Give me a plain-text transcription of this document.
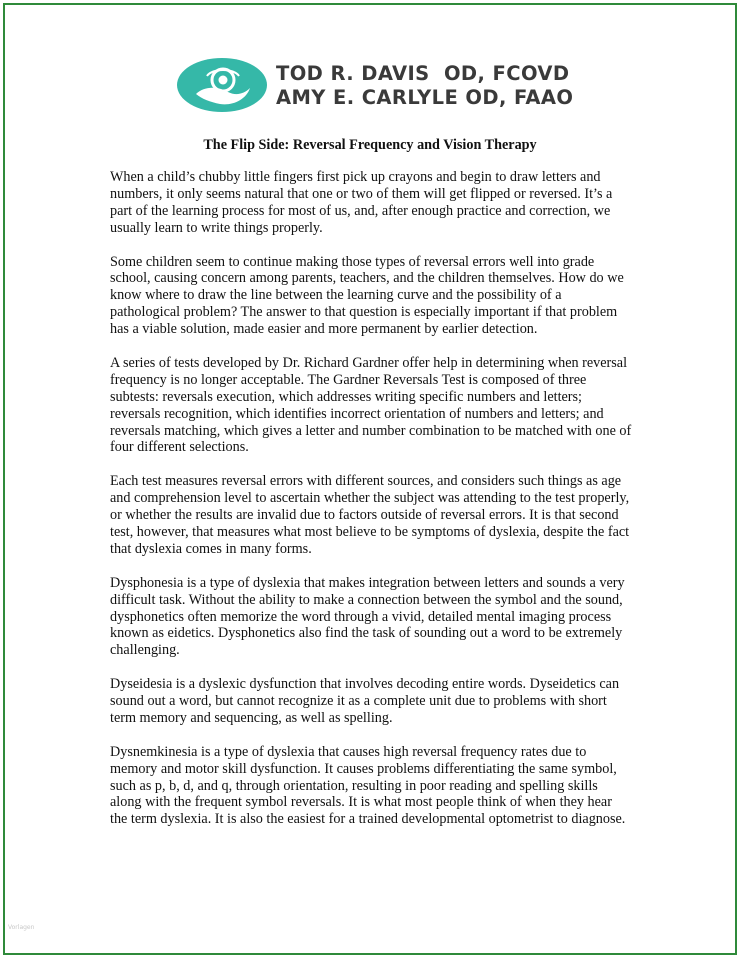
TOD R. DAVIS  OD, FCOVD
AMY E. CARLYLE OD, FAAO
The Flip Side: Reversal Frequency and Vision Therapy

When a child’s chubby little fingers first pick up crayons and begin to draw letters and numbers, it only seems natural that one or two of them will get flipped or reversed. It’s a part of the learning process for most of us, and, after enough practice and correction, we usually learn to write things properly.

Some children seem to continue making those types of reversal errors well into grade school, causing concern among parents, teachers, and the children themselves. How do we know where to draw the line between the learning curve and the possibility of a pathological problem? The answer to that question is especially important if that problem has a viable solution, made easier and more permanent by earlier detection.

A series of tests developed by Dr. Richard Gardner offer help in determining when reversal frequency is no longer acceptable. The Gardner Reversals Test is composed of three subtests: reversals execution, which addresses writing specific numbers and letters; reversals recognition, which identifies incorrect orientation of numbers and letters; and reversals matching, which gives a letter and number combination to be matched with one of four different selections.

Each test measures reversal errors with different sources, and considers such things as age and comprehension level to ascertain whether the subject was attending to the test properly, or whether the results are invalid due to factors outside of reversal errors. It is that second test, however, that measures what most believe to be symptoms of dyslexia, despite the fact that dyslexia comes in many forms.

Dysphonesia is a type of dyslexia that makes integration between letters and sounds a very difficult task. Without the ability to make a connection between the symbol and the sound, dysphonetics often memorize the word through a vivid, detailed mental imaging process known as eidetics. Dysphonetics also find the task of sounding out a word to be extremely challenging.

Dyseidesia is a dyslexic dysfunction that involves decoding entire words. Dyseidetics can sound out a word, but cannot recognize it as a complete unit due to problems with short term memory and sequencing, as well as spelling.

Dysnemkinesia is a type of dyslexia that causes high reversal frequency rates due to memory and motor skill dysfunction. It causes problems differentiating the same symbol, such as p, b, d, and q, through orientation, resulting in poor reading and spelling skills along with the frequent symbol reversals. It is what most people think of when they hear the term dyslexia. It is also the easiest for a trained developmental optometrist to diagnose.

Vorlagen
